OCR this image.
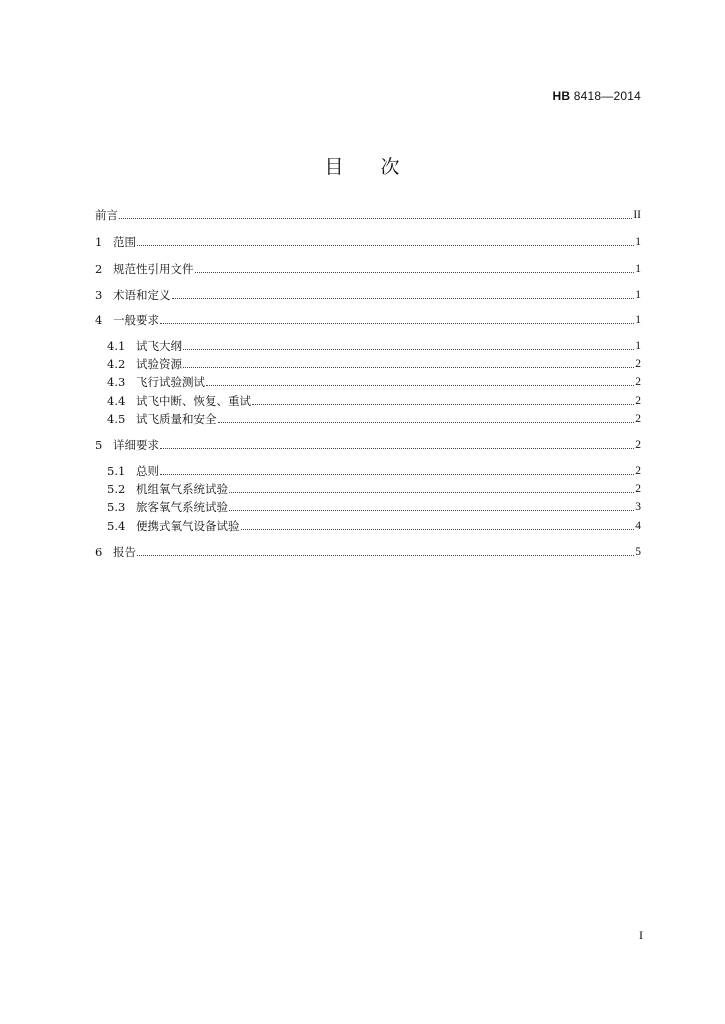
HB 8418—2014
目 次
前言	II
1 范围	1
2 规范性引用文件	1
3 术语和定义	1
4 一般要求	1
4.1 试飞大纲	1
4.2 试验资源	2
4.3 飞行试验测试	2
4.4 试飞中断、恢复、重试	2
4.5 试飞质量和安全	2
5 详细要求	2
5.1 总则	2
5.2 机组氧气系统试验	2
5.3 旅客氧气系统试验	3
5.4 便携式氧气设备试验	4
6 报告	5
I
